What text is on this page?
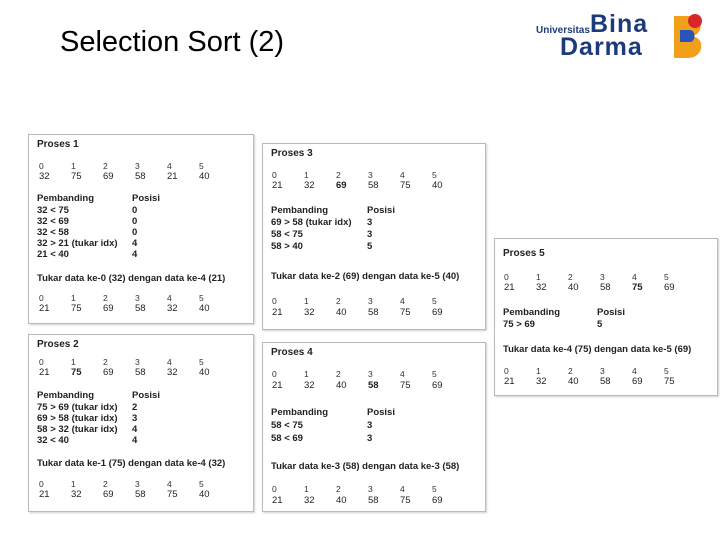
Selection Sort (2)	Universitas Bina
Darma
Proses 1
0	1	2	3	4	5
32 75 69 58 21 40
Pembanding	Posisi
32 < 75	0
32 < 69	0
32 < 58	0
32 > 21 (tukar idx) 4
21 < 40	4
Tukar data ke-0 (32) dengan data ke-4 (21)
0	1	2	3	4	5
21 75 69 58 32 40
Proses 2
0	1	2	3	4	5
21 75 69 58 32 40
Pembanding	Posisi
75 > 69 (tukar idx) 2
69 > 58 (tukar idx) 3
58 > 32 (tukar idx) 4
32 < 40	4
Tukar data ke-1 (75) dengan data ke-4 (32)
0	1	2	3	4	5
21 32 69 58 75 40
Proses 3
0	1	2	3	4	5
21 32 69 58 75 40
Pembanding	Posisi
69 > 58 (tukar idx) 3
58 < 75	3
58 > 40	5
Tukar data ke-2 (69) dengan data ke-5 (40)
0	1	2	3	4	5
21 32 40 58 75 69
Proses 4
0	1	2	3	4	5
21 32 40 58 75 69
Pembanding	Posisi
58 < 75	3
58 < 69	3
Tukar data ke-3 (58) dengan data ke-3 (58)
0	1	2	3	4	5
21 32 40 58 75 69
Proses 5
0	1	2	3	4	5
21 32 40 58 75 69
Pembanding	Posisi
75 > 69	5
Tukar data ke-4 (75) dengan data ke-5 (69)
0	1	2	3	4	5
21 32 40 58 69 75
